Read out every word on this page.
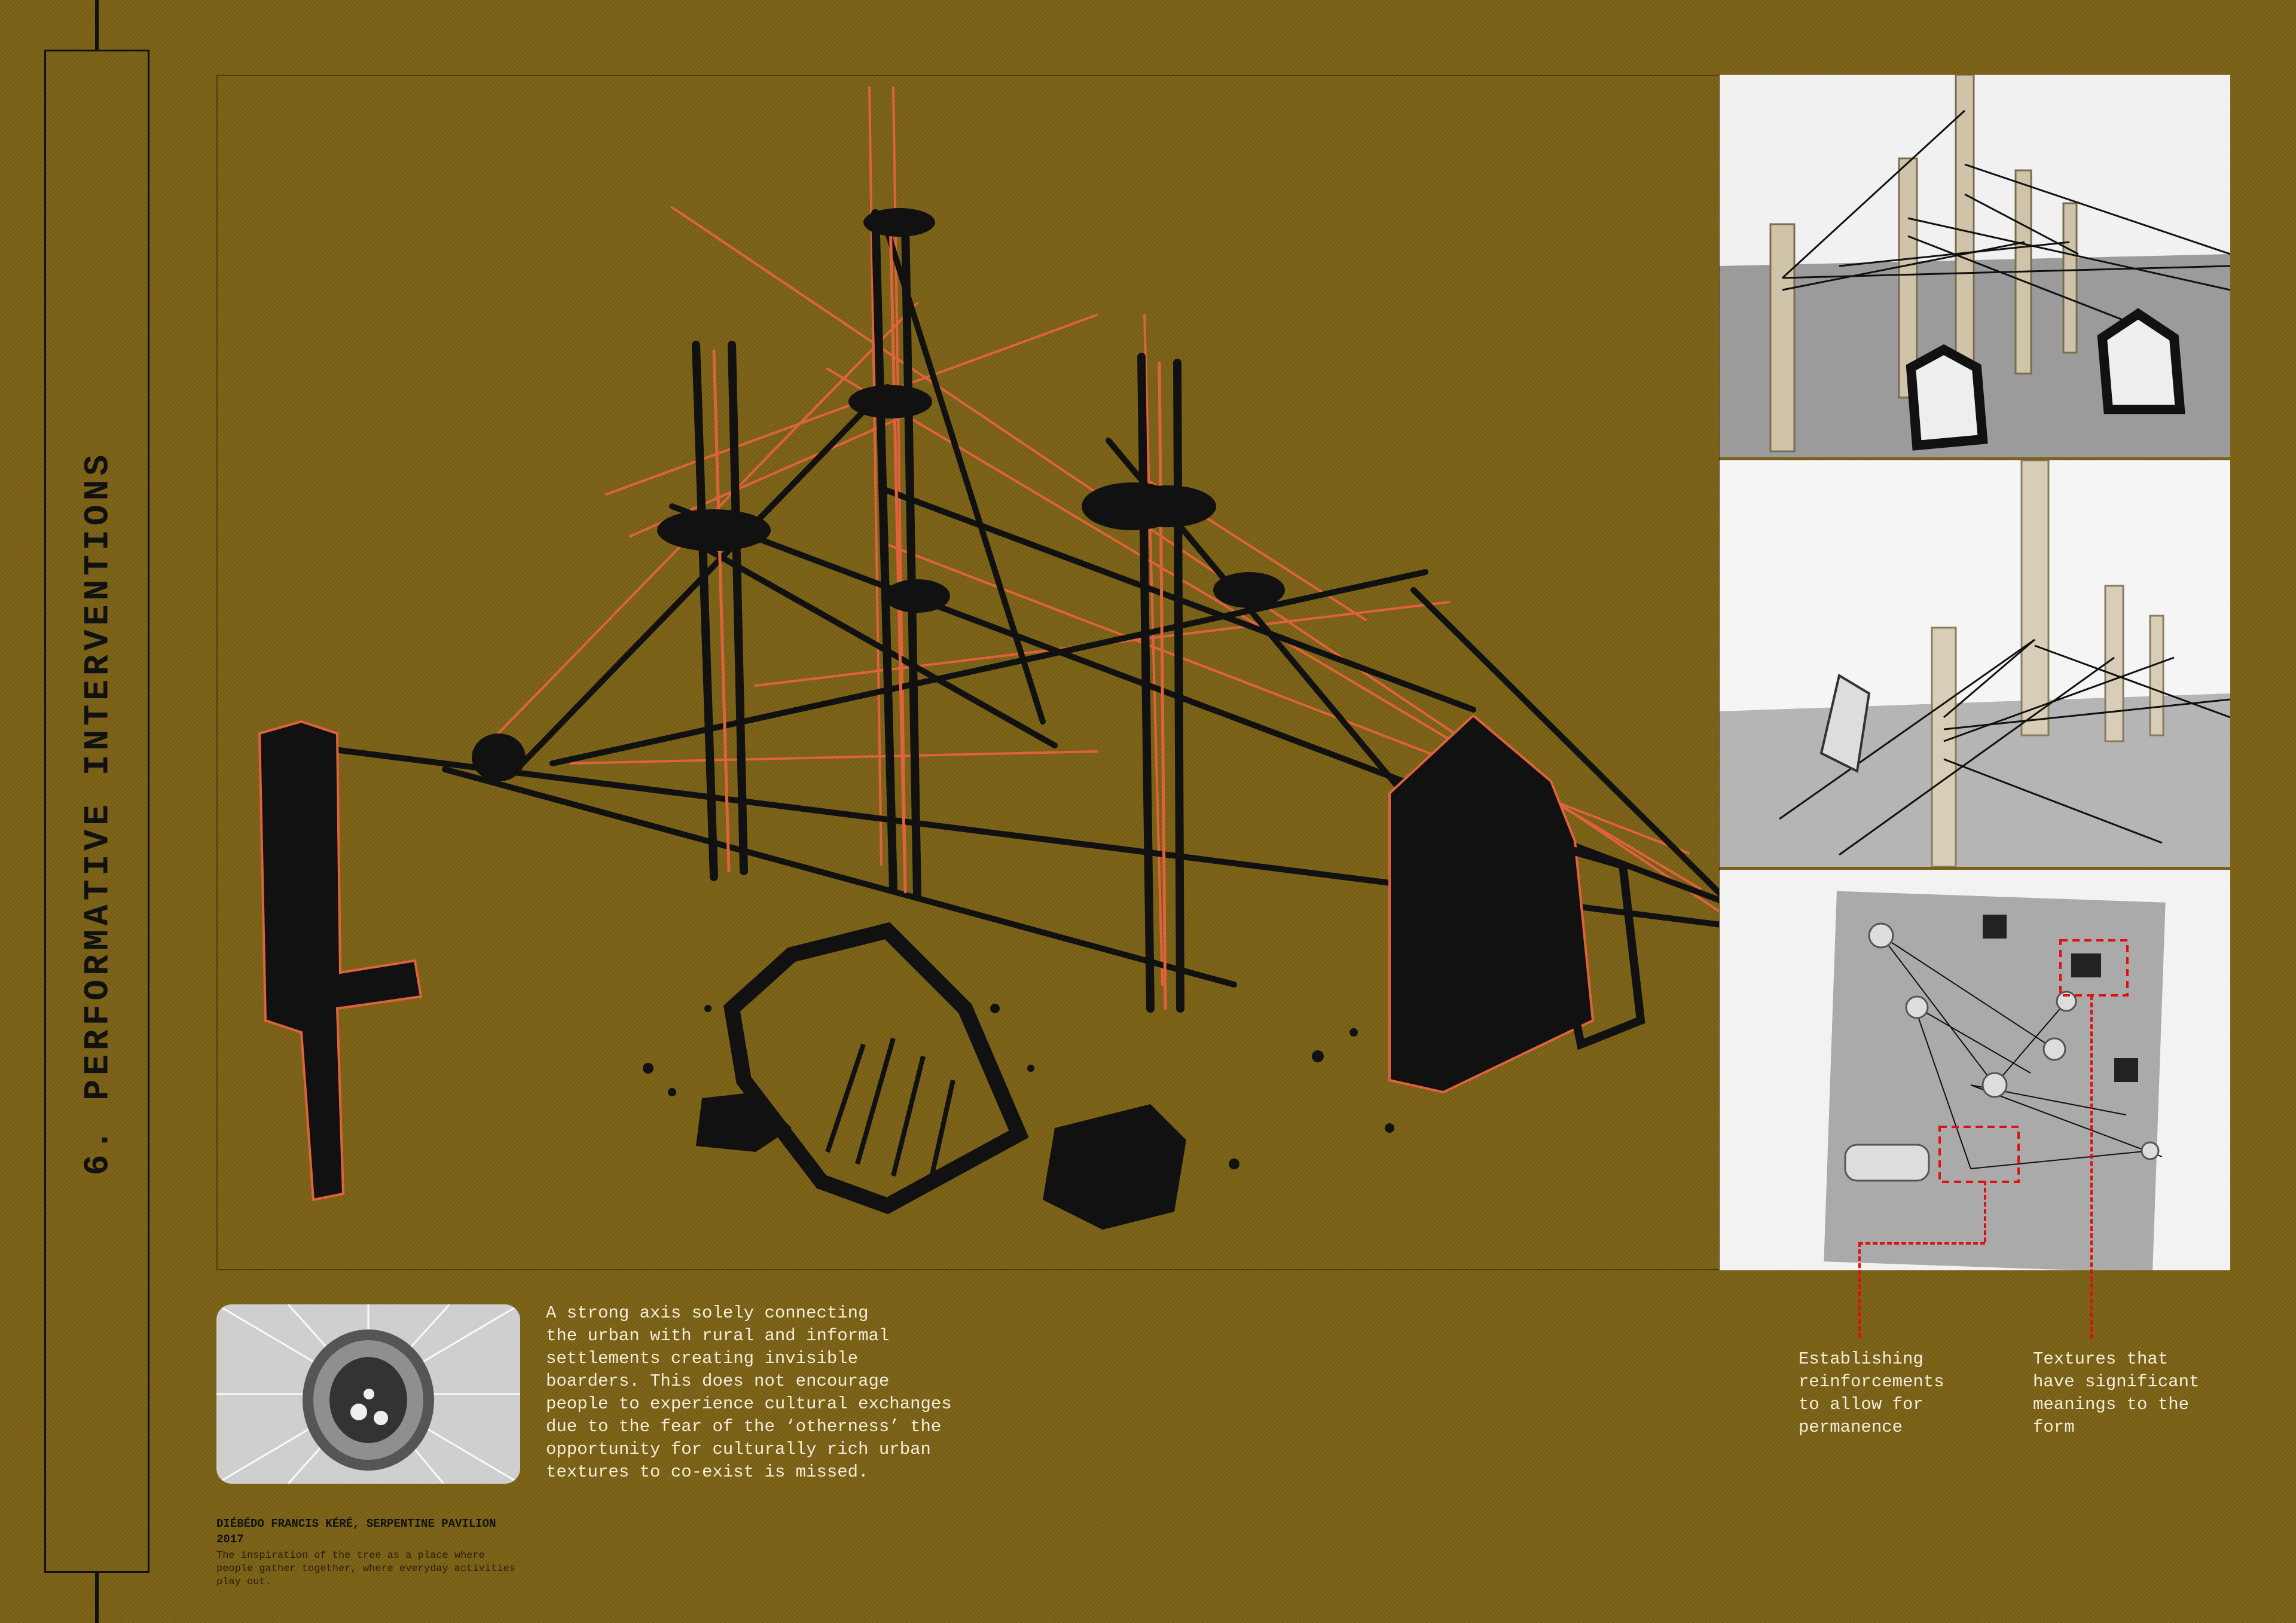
6. PERFORMATIVE INTERVENTIONS
Establishing
reinforcements
to allow for
permanence
Textures that
have significant
meanings to the
form
A strong axis solely connecting
the urban with rural and informal
settlements creating invisible
boarders. This does not encourage
people to experience cultural exchanges
due to the fear of the ‘otherness’ the
opportunity for culturally rich urban
textures to co-exist is missed.
DIÉBÉDO FRANCIS KÉRÉ, SERPENTINE PAVILION 2017
The inspiration of the tree as a place where people gather together, where everyday activities play out.
